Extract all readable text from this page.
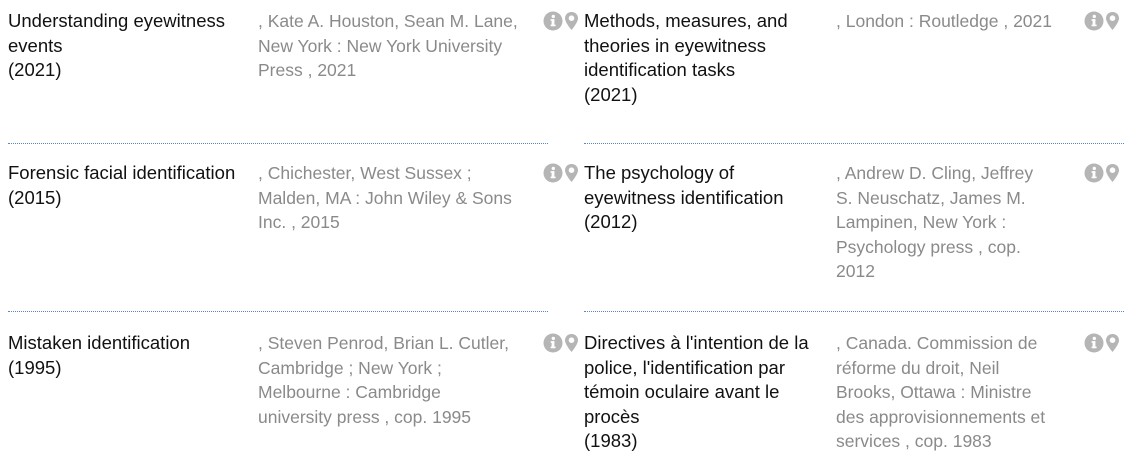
Understanding eyewitness events
(2021)
, Kate A. Houston, Sean M. Lane, New York : New York University Press , 2021
Methods, measures, and theories in eyewitness identification tasks
(2021)
, London : Routledge , 2021
Forensic facial identification
(2015)
, Chichester, West Sussex ; Malden, MA : John Wiley & Sons Inc. , 2015
The psychology of eyewitness identification
(2012)
, Andrew D. Cling, Jeffrey S. Neuschatz, James M. Lampinen, New York : Psychology press , cop. 2012
Mistaken identification
(1995)
, Steven Penrod, Brian L. Cutler, Cambridge ; New York ; Melbourne : Cambridge university press , cop. 1995
Directives à l'intention de la police, l'identification par témoin oculaire avant le procès
(1983)
, Canada. Commission de réforme du droit, Neil Brooks, Ottawa : Ministre des approvisionnements et services , cop. 1983
